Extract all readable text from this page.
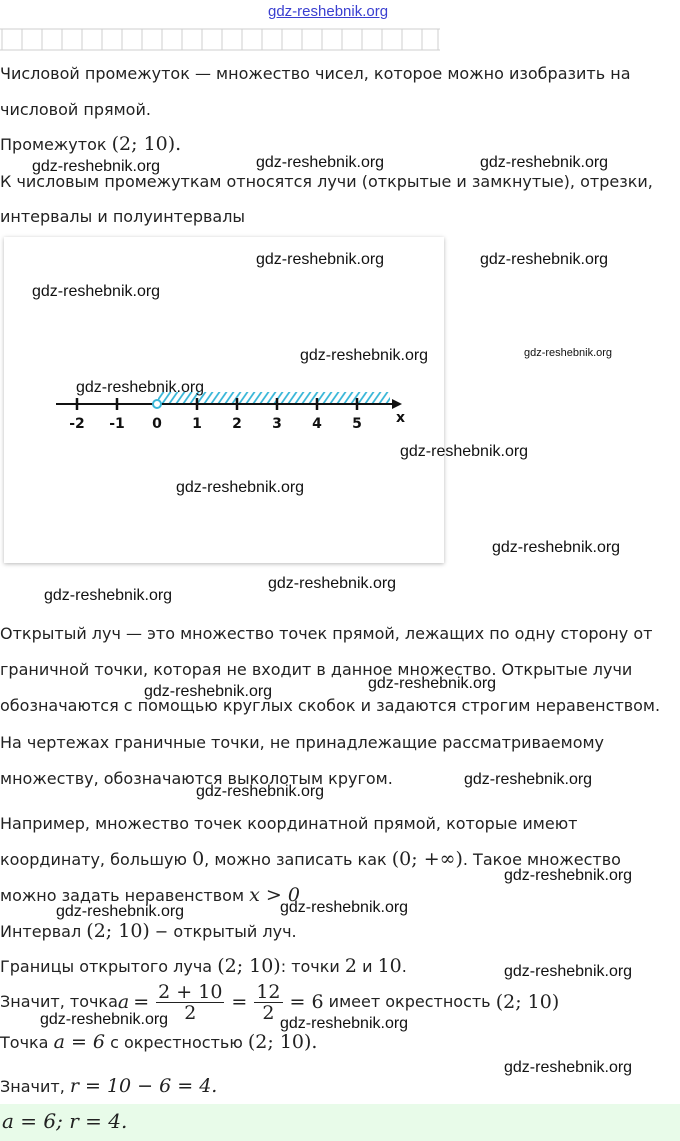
gdz-reshebnik.org

Числовой промежуток — множество чисел, которое можно изобразить на

числовой прямой.

Промежуток (2; 10).

К числовым промежуткам относятся лучи (открытые и замкнутые), отрезки,

интервалы и полуинтервалы

-2 -1 0 1 2 3 4 5 x

Открытый луч — это множество точек прямой, лежащих по одну сторону от

граничной точки, которая не входит в данное множество. Открытые лучи

обозначаются с помощью круглых скобок и задаются строгим неравенством.

На чертежах граничные точки, не принадлежащие рассматриваемому

множеству, обозначаются выколотым кругом.

Например, множество точек координатной прямой, которые имеют

координату, большую 0, можно записать как (0; +∞). Такое множество

можно задать неравенством x > 0

Интервал (2; 10) − открытый луч.

Границы открытого луча (2; 10): точки 2 и 10.

Значит, точка $a = \frac{2 + 10}{2} = \frac{12}{2} = 6$ имеет окрестность (2; 10)

Точка a = 6 с окрестностью (2; 10).

Значит, r = 10 − 6 = 4.

a = 6; r = 4.
gdz-reshebnik.org	gdz-reshebnik.org	gdz-reshebnik.org
gdz-reshebnik.org	gdz-reshebnik.org
gdz-reshebnik.org
gdz-reshebnik.org	gdz-reshebnik.org
gdz-reshebnik.org
gdz-reshebnik.org
gdz-reshebnik.org
gdz-reshebnik.org
gdz-reshebnik.org
gdz-reshebnik.org
gdz-reshebnik.org
gdz-reshebnik.org
gdz-reshebnik.org
gdz-reshebnik.org
gdz-reshebnik.org
gdz-reshebnik.org
gdz-reshebnik.org
gdz-reshebnik.org
gdz-reshebnik.org	gdz-reshebnik.org
gdz-reshebnik.org
